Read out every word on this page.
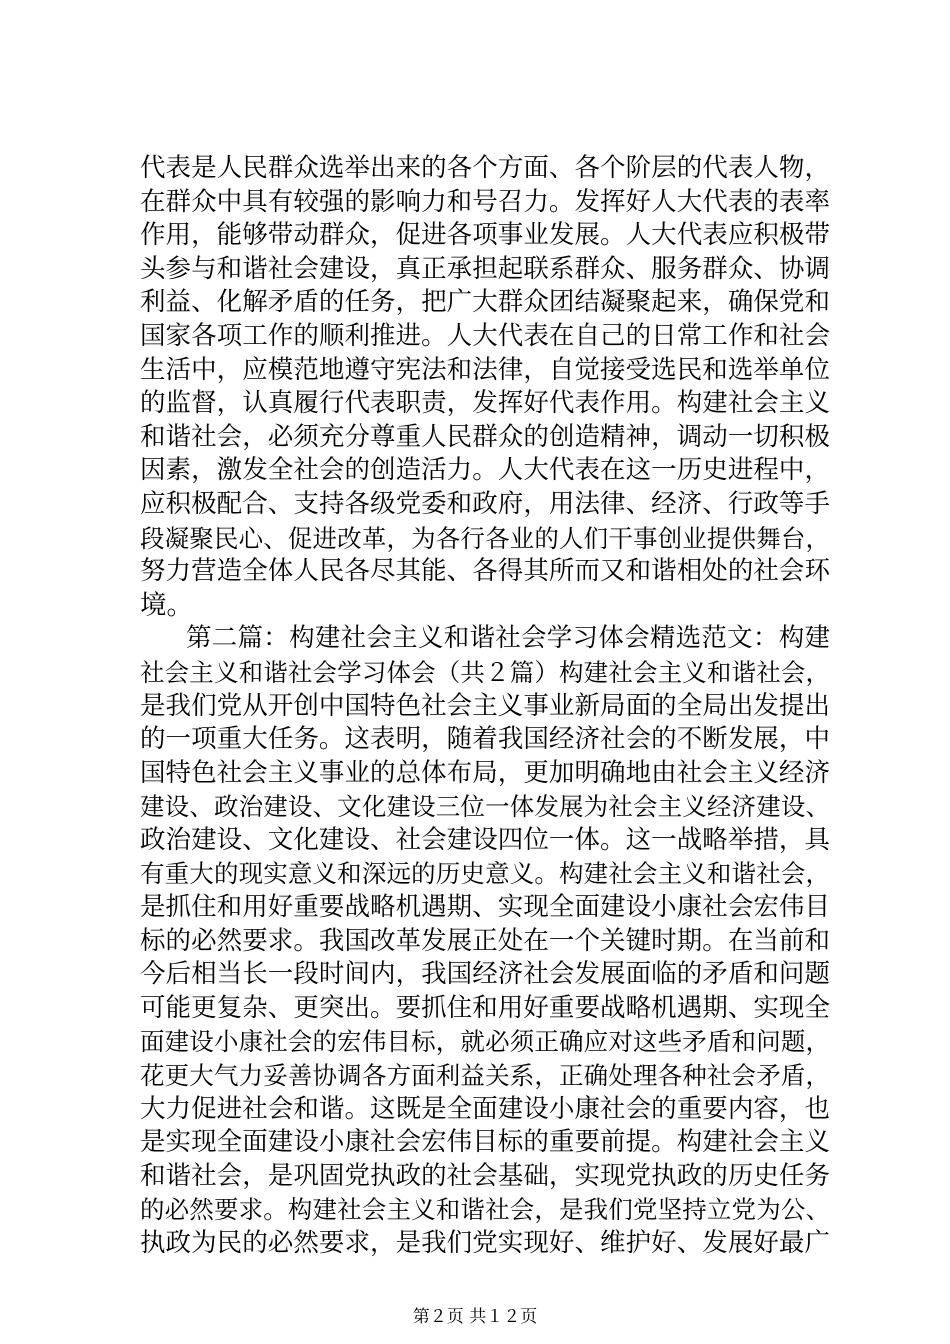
代表是人民群众选举出来的各个方面、各个阶层的代表人物，
在群众中具有较强的影响力和号召力。发挥好人大代表的表率
作用，能够带动群众，促进各项事业发展。人大代表应积极带
头参与和谐社会建设，真正承担起联系群众、服务群众、协调
利益、化解矛盾的任务，把广大群众团结凝聚起来，确保党和
国家各项工作的顺利推进。人大代表在自己的日常工作和社会
生活中，应模范地遵守宪法和法律，自觉接受选民和选举单位
的监督，认真履行代表职责，发挥好代表作用。构建社会主义
和谐社会，必须充分尊重人民群众的创造精神，调动一切积极
因素，激发全社会的创造活力。人大代表在这一历史进程中，
应积极配合、支持各级党委和政府，用法律、经济、行政等手
段凝聚民心、促进改革，为各行各业的人们干事创业提供舞台，
努力营造全体人民各尽其能、各得其所而又和谐相处的社会环
境。
第二篇：构建社会主义和谐社会学习体会精选范文：构建
社会主义和谐社会学习体会（共２篇）构建社会主义和谐社会，
是我们党从开创中国特色社会主义事业新局面的全局出发提出
的一项重大任务。这表明，随着我国经济社会的不断发展，中
国特色社会主义事业的总体布局，更加明确地由社会主义经济
建设、政治建设、文化建设三位一体发展为社会主义经济建设、
政治建设、文化建设、社会建设四位一体。这一战略举措，具
有重大的现实意义和深远的历史意义。构建社会主义和谐社会，
是抓住和用好重要战略机遇期、实现全面建设小康社会宏伟目
标的必然要求。我国改革发展正处在一个关键时期。在当前和
今后相当长一段时间内，我国经济社会发展面临的矛盾和问题
可能更复杂、更突出。要抓住和用好重要战略机遇期、实现全
面建设小康社会的宏伟目标，就必须正确应对这些矛盾和问题，
花更大气力妥善协调各方面利益关系，正确处理各种社会矛盾，
大力促进社会和谐。这既是全面建设小康社会的重要内容，也
是实现全面建设小康社会宏伟目标的重要前提。构建社会主义
和谐社会，是巩固党执政的社会基础，实现党执政的历史任务
的必然要求。构建社会主义和谐社会，是我们党坚持立党为公、
执政为民的必然要求，是我们党实现好、维护好、发展好最广
第２页 共１２页
